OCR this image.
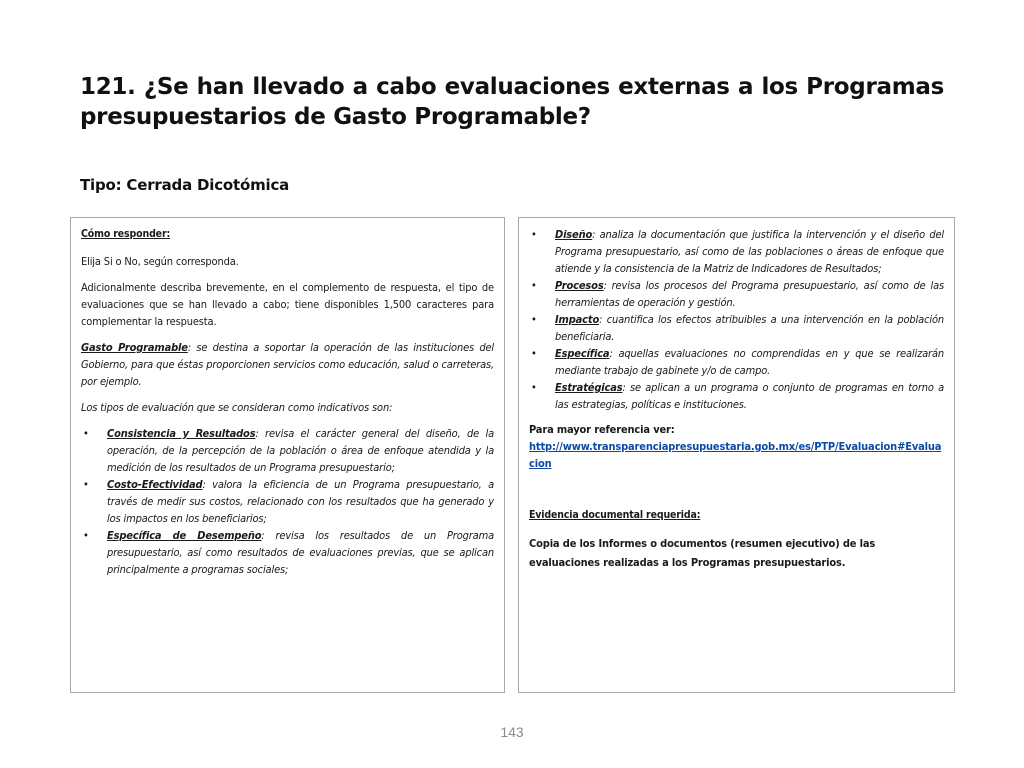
121. ¿Se han llevado a cabo evaluaciones externas a los Programas presupuestarios de Gasto Programable?
Tipo: Cerrada Dicotómica

Cómo responder:

Elija Si o No, según corresponda.

Adicionalmente describa brevemente, en el complemento de respuesta, el tipo de evaluaciones que se han llevado a cabo; tiene disponibles 1,500 caracteres para complementar la respuesta.

Gasto Programable: se destina a soportar la operación de las instituciones del Gobierno, para que éstas proporcionen servicios como educación, salud o carreteras, por ejemplo.

Los tipos de evaluación que se consideran como indicativos son:

• Consistencia y Resultados: revisa el carácter general del diseño, de la operación, de la percepción de la población o área de enfoque atendida y la medición de los resultados de un Programa presupuestario;
• Costo-Efectividad: valora la eficiencia de un Programa presupuestario, a través de medir sus costos, relacionado con los resultados que ha generado y los impactos en los beneficiarios;
• Específica de Desempeño: revisa los resultados de un Programa presupuestario, así como resultados de evaluaciones previas, que se aplican principalmente a programas sociales;
• Diseño: analiza la documentación que justifica la intervención y el diseño del Programa presupuestario, así como de las poblaciones o áreas de enfoque que atiende y la consistencia de la Matriz de Indicadores de Resultados;
• Procesos: revisa los procesos del Programa presupuestario, así como de las herramientas de operación y gestión.
• Impacto: cuantifica los efectos atribuibles a una intervención en la población beneficiaria.
• Específica: aquellas evaluaciones no comprendidas en y que se realizarán mediante trabajo de gabinete y/o de campo.
• Estratégicas: se aplican a un programa o conjunto de programas en torno a las estrategias, políticas e instituciones.

Para mayor referencia ver:

http://www.transparenciapresupuestaria.gob.mx/es/PTP/Evaluacion#Evaluacion

Evidencia documental requerida:

Copia de los Informes o documentos (resumen ejecutivo) de las evaluaciones realizadas a los Programas presupuestarios.

143
